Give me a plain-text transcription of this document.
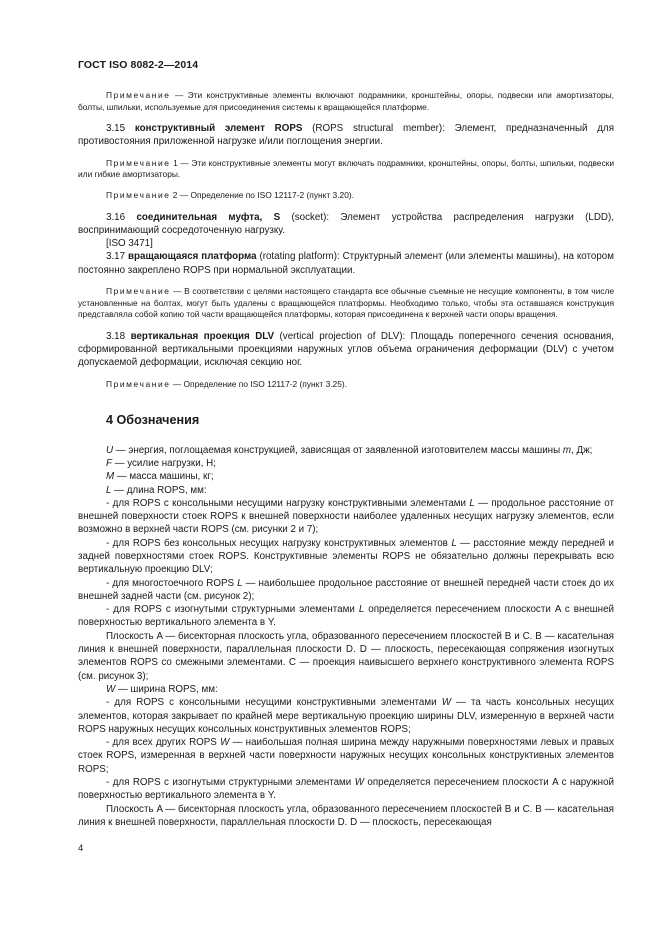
ГОСТ ISO 8082-2—2014

Примечание — Эти конструктивные элементы включают подрамники, кронштейны, опоры, подвески или амортизаторы, болты, шпильки, используемые для присоединения системы к вращающейся платформе.

3.15 конструктивный элемент ROPS (ROPS structural member): Элемент, предназначенный для противостояния приложенной нагрузке и/или поглощения энергии.

Примечание 1 — Эти конструктивные элементы могут включать подрамники, кронштейны, опоры, болты, шпильки, подвески или гибкие амортизаторы.

Примечание 2 — Определение по ISO 12117-2 (пункт 3.20).

3.16 соединительная муфта, S (socket): Элемент устройства распределения нагрузки (LDD), воспринимающий сосредоточенную нагрузку.

[ISO 3471]

3.17 вращающаяся платформа (rotating platform): Структурный элемент (или элементы машины), на котором постоянно закреплено ROPS при нормальной эксплуатации.

Примечание — В соответствии с целями настоящего стандарта все обычные съемные не несущие компоненты, в том числе установленные на болтах, могут быть удалены с вращающейся платформы. Необходимо только, чтобы эта оставшаяся конструкция представляла собой копию той части вращающейся платформы, которая присоединена к верхней части опоры вращения.

3.18 вертикальная проекция DLV (vertical projection of DLV): Площадь поперечного сечения основания, сформированной вертикальными проекциями наружных углов объема ограничения деформации (DLV) с учетом допускаемой деформации, исключая секцию ног.

Примечание — Определение по ISO 12117-2 (пункт 3.25).

4 Обозначения

U — энергия, поглощаемая конструкцией, зависящая от заявленной изготовителем массы машины m, Дж;

F — усилие нагрузки, Н;

M — масса машины, кг;

L — длина ROPS, мм:

- для ROPS с консольными несущими нагрузку конструктивными элементами L — продольное расстояние от внешней поверхности стоек ROPS к внешней поверхности наиболее удаленных несущих нагрузку элементов, если возможно в верхней части ROPS (см. рисунки 2 и 7);

- для ROPS без консольных несущих нагрузку конструктивных элементов L — расстояние между передней и задней поверхностями стоек ROPS. Конструктивные элементы ROPS не обязательно должны перекрывать всю вертикальную проекцию DLV;

- для многостоечного ROPS L — наибольшее продольное расстояние от внешней передней части стоек до их внешней задней части (см. рисунок 2);

- для ROPS с изогнутыми структурными элементами L определяется пересечением плоскости A с внешней поверхностью вертикального элемента в Y.

Плоскость A — бисекторная плоскость угла, образованного пересечением плоскостей B и C. B — касательная линия к внешней поверхности, параллельная плоскости D. D — плоскость, пересекающая сопряжения изогнутых элементов ROPS со смежными элементами. C — проекция наивысшего верхнего конструктивного элемента ROPS (см. рисунок 3);

W — ширина ROPS, мм:

- для ROPS с консольными несущими конструктивными элементами W — та часть консольных несущих элементов, которая закрывает по крайней мере вертикальную проекцию ширины DLV, измеренную в верхней части ROPS наружных несущих консольных конструктивных элементов ROPS;

- для всех других ROPS W — наибольшая полная ширина между наружными поверхностями левых и правых стоек ROPS, измеренная в верхней части поверхности наружных несущих консольных конструктивных элементов ROPS;

- для ROPS с изогнутыми структурными элементами W определяется пересечением плоскости A с наружной поверхностью вертикального элемента в Y.

Плоскость A — бисекторная плоскость угла, образованного пересечением плоскостей B и C. B — касательная линия к внешней поверхности, параллельная плоскости D. D — плоскость, пересекающая

4
